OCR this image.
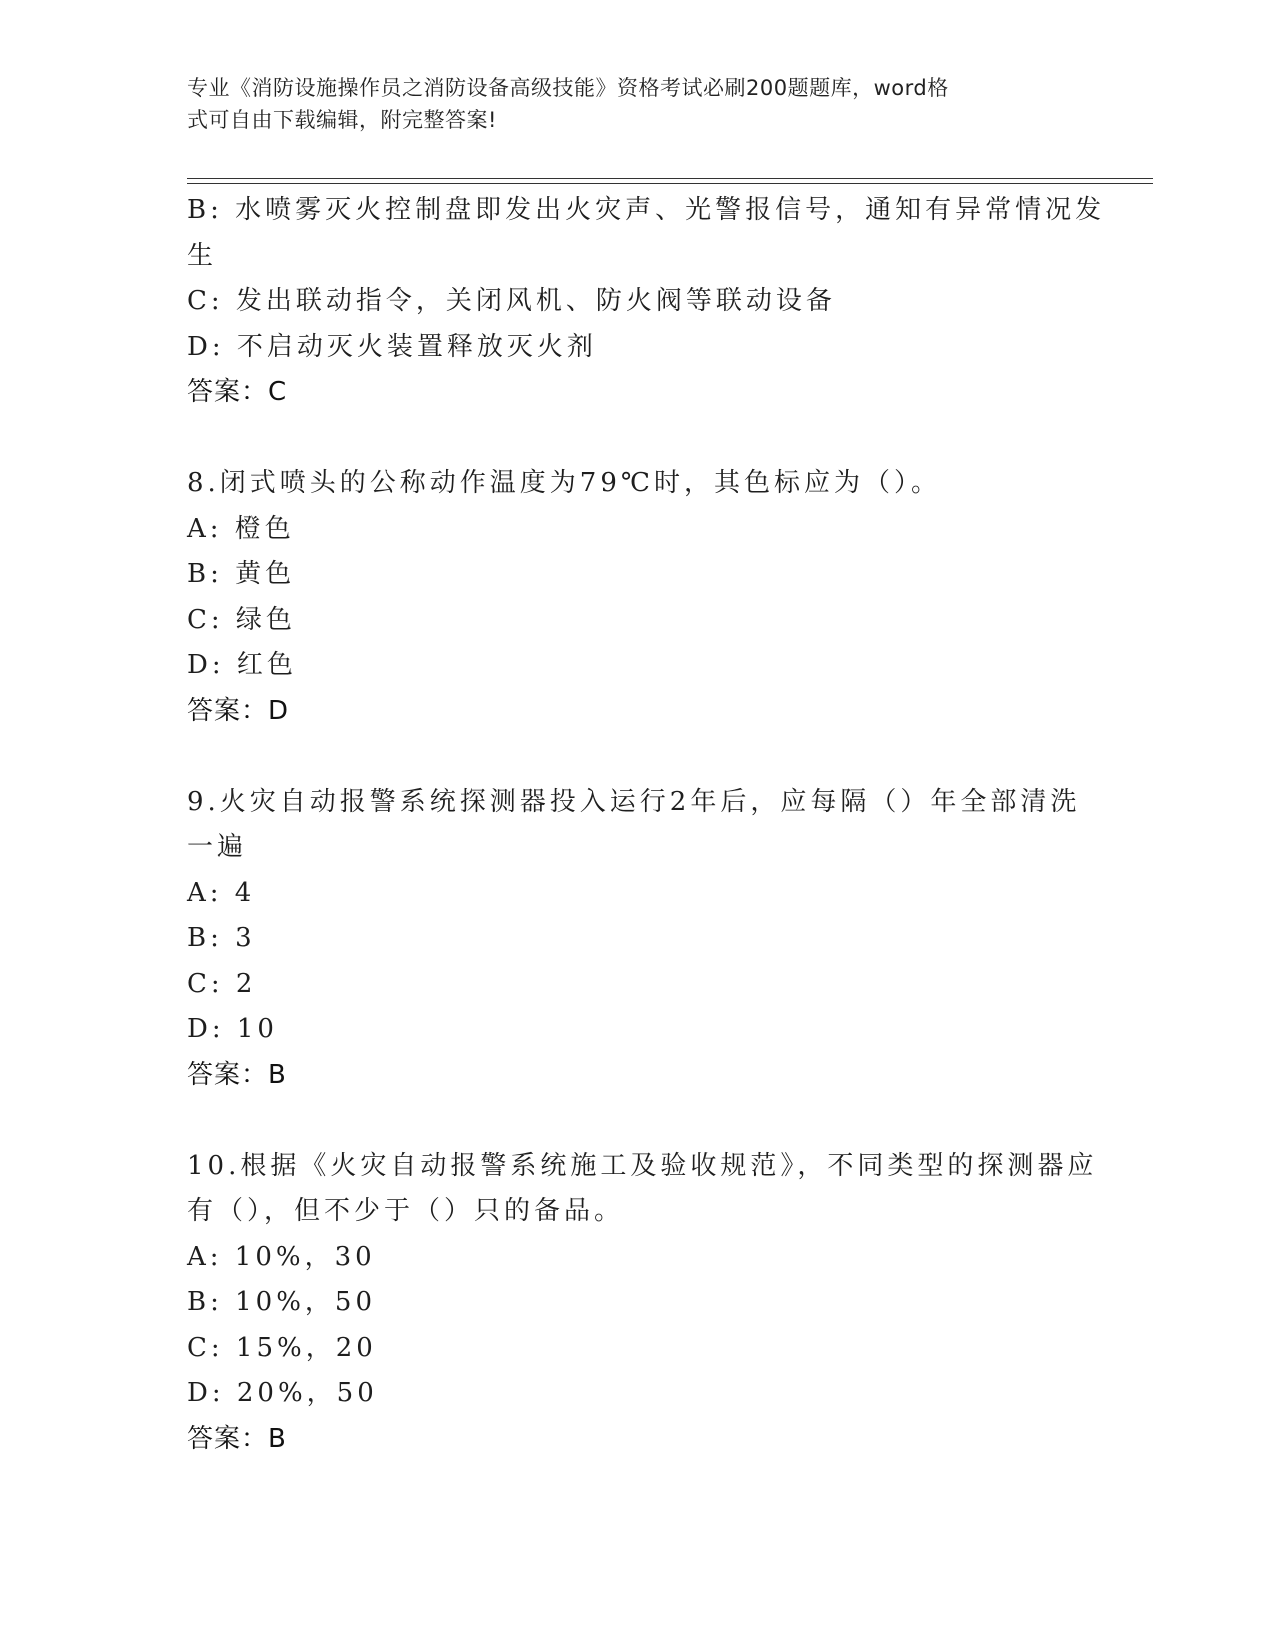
专业《消防设施操作员之消防设备高级技能》资格考试必刷200题题库，word格
式可自由下载编辑，附完整答案!
B: 水喷雾灭火控制盘即发出火灾声、光警报信号，通知有异常情况发
生
C: 发出联动指令，关闭风机、防火阀等联动设备
D: 不启动灭火装置释放灭火剂
答案：C
8.闭式喷头的公称动作温度为79℃时，其色标应为（）。
A: 橙色
B: 黄色
C: 绿色
D: 红色
答案：D
9.火灾自动报警系统探测器投入运行2年后，应每隔（）年全部清洗
一遍
A: 4
B: 3
C: 2
D: 10
答案：B
10.根据《火灾自动报警系统施工及验收规范》，不同类型的探测器应
有（），但不少于（）只的备品。
A: 10%，30
B: 10%，50
C: 15%，20
D: 20%，50
答案：B
